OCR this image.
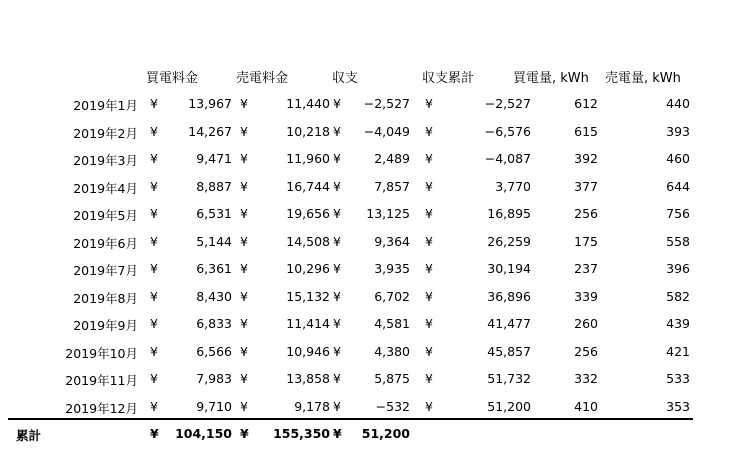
買電料金	売電料金	収支	収支累計	買電量, kWh 売電量, kWh
2019年1月 ¥	13,967 ¥	11,440 ¥	−2,527 ¥	−2,527	612	440
2019年2月 ¥	14,267 ¥	10,218 ¥	−4,049 ¥	−6,576	615	393
2019年3月 ¥	9,471 ¥	11,960 ¥	2,489 ¥	−4,087	392	460
2019年4月 ¥	8,887 ¥	16,744 ¥	7,857 ¥	3,770	377	644
2019年5月 ¥	6,531 ¥	19,656 ¥	13,125 ¥	16,895	256	756
2019年6月 ¥	5,144 ¥	14,508 ¥	9,364 ¥	26,259	175	558
2019年7月 ¥	6,361 ¥	10,296 ¥	3,935 ¥	30,194	237	396
2019年8月 ¥	8,430 ¥	15,132 ¥	6,702 ¥	36,896	339	582
2019年9月 ¥	6,833 ¥	11,414 ¥	4,581 ¥	41,477	260	439
2019年10月 ¥	6,566 ¥	10,946 ¥	4,380 ¥	45,857	256	421
2019年11月 ¥	7,983 ¥	13,858 ¥	5,875 ¥	51,732	332	533
2019年12月 ¥	9,710 ¥	9,178 ¥	−532 ¥	51,200	410	353
累計	¥	104,150 ¥	155,350 ¥	51,200
